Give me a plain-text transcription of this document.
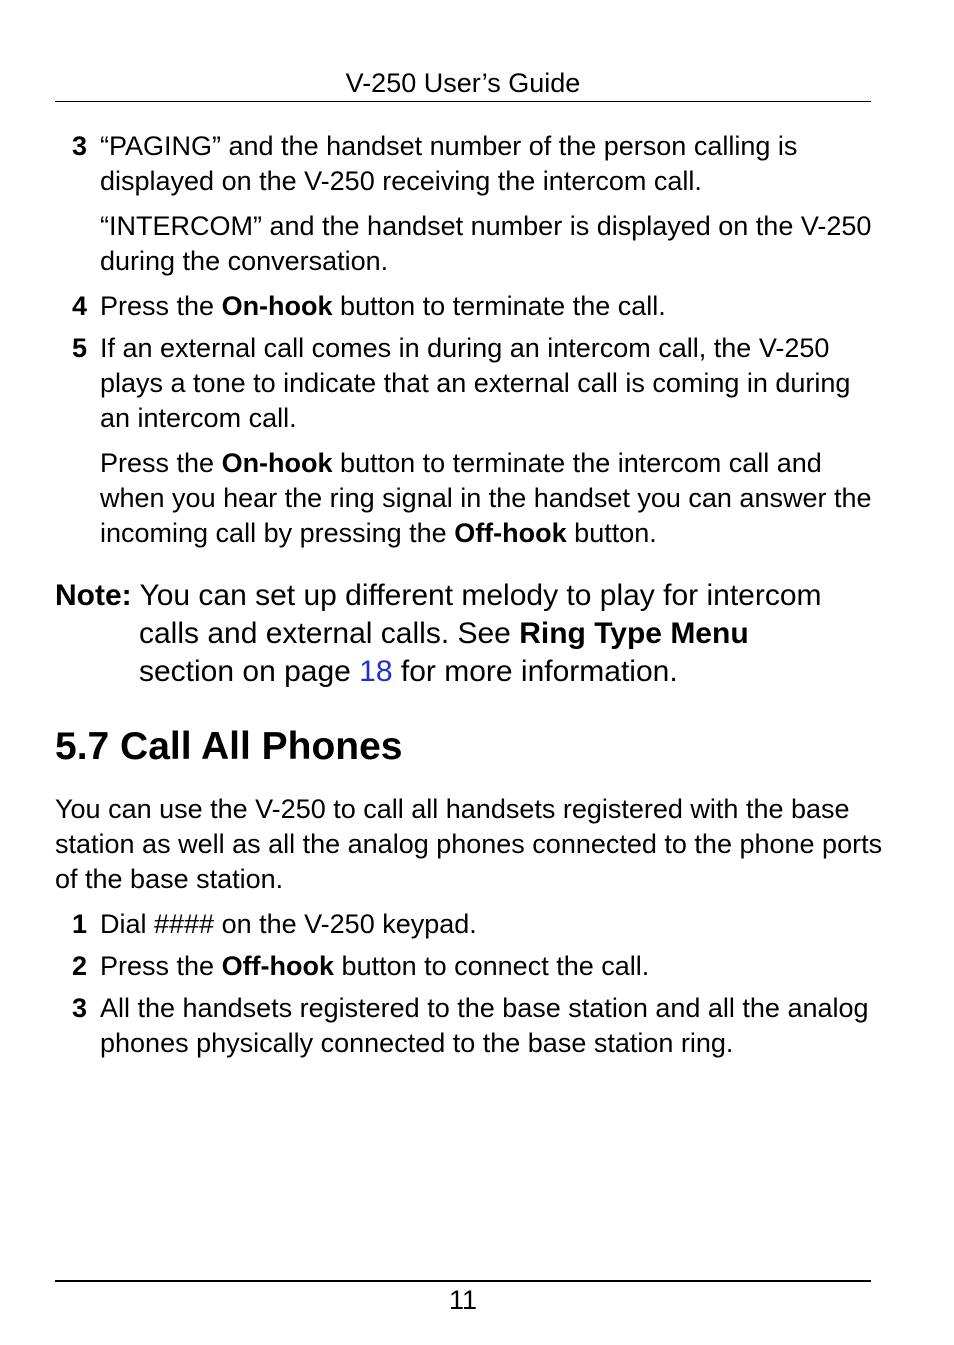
V-250 User’s Guide
3 “PAGING” and the handset number of the person calling is displayed on the V-250 receiving the intercom call.
“INTERCOM” and the handset number is displayed on the V-250 during the conversation.
4 Press the On-hook button to terminate the call.
5 If an external call comes in during an intercom call, the V-250 plays a tone to indicate that an external call is coming in during an intercom call.
Press the On-hook button to terminate the intercom call and when you hear the ring signal in the handset you can answer the incoming call by pressing the Off-hook button.
Note: You can set up different melody to play for intercom
calls and external calls. See Ring Type Menu
section on page 18 for more information.
5.7 Call All Phones
You can use the V-250 to call all handsets registered with the base station as well as all the analog phones connected to the phone ports of the base station.
1 Dial #### on the V-250 keypad.
2 Press the Off-hook button to connect the call.
3 All the handsets registered to the base station and all the analog phones physically connected to the base station ring.
11
